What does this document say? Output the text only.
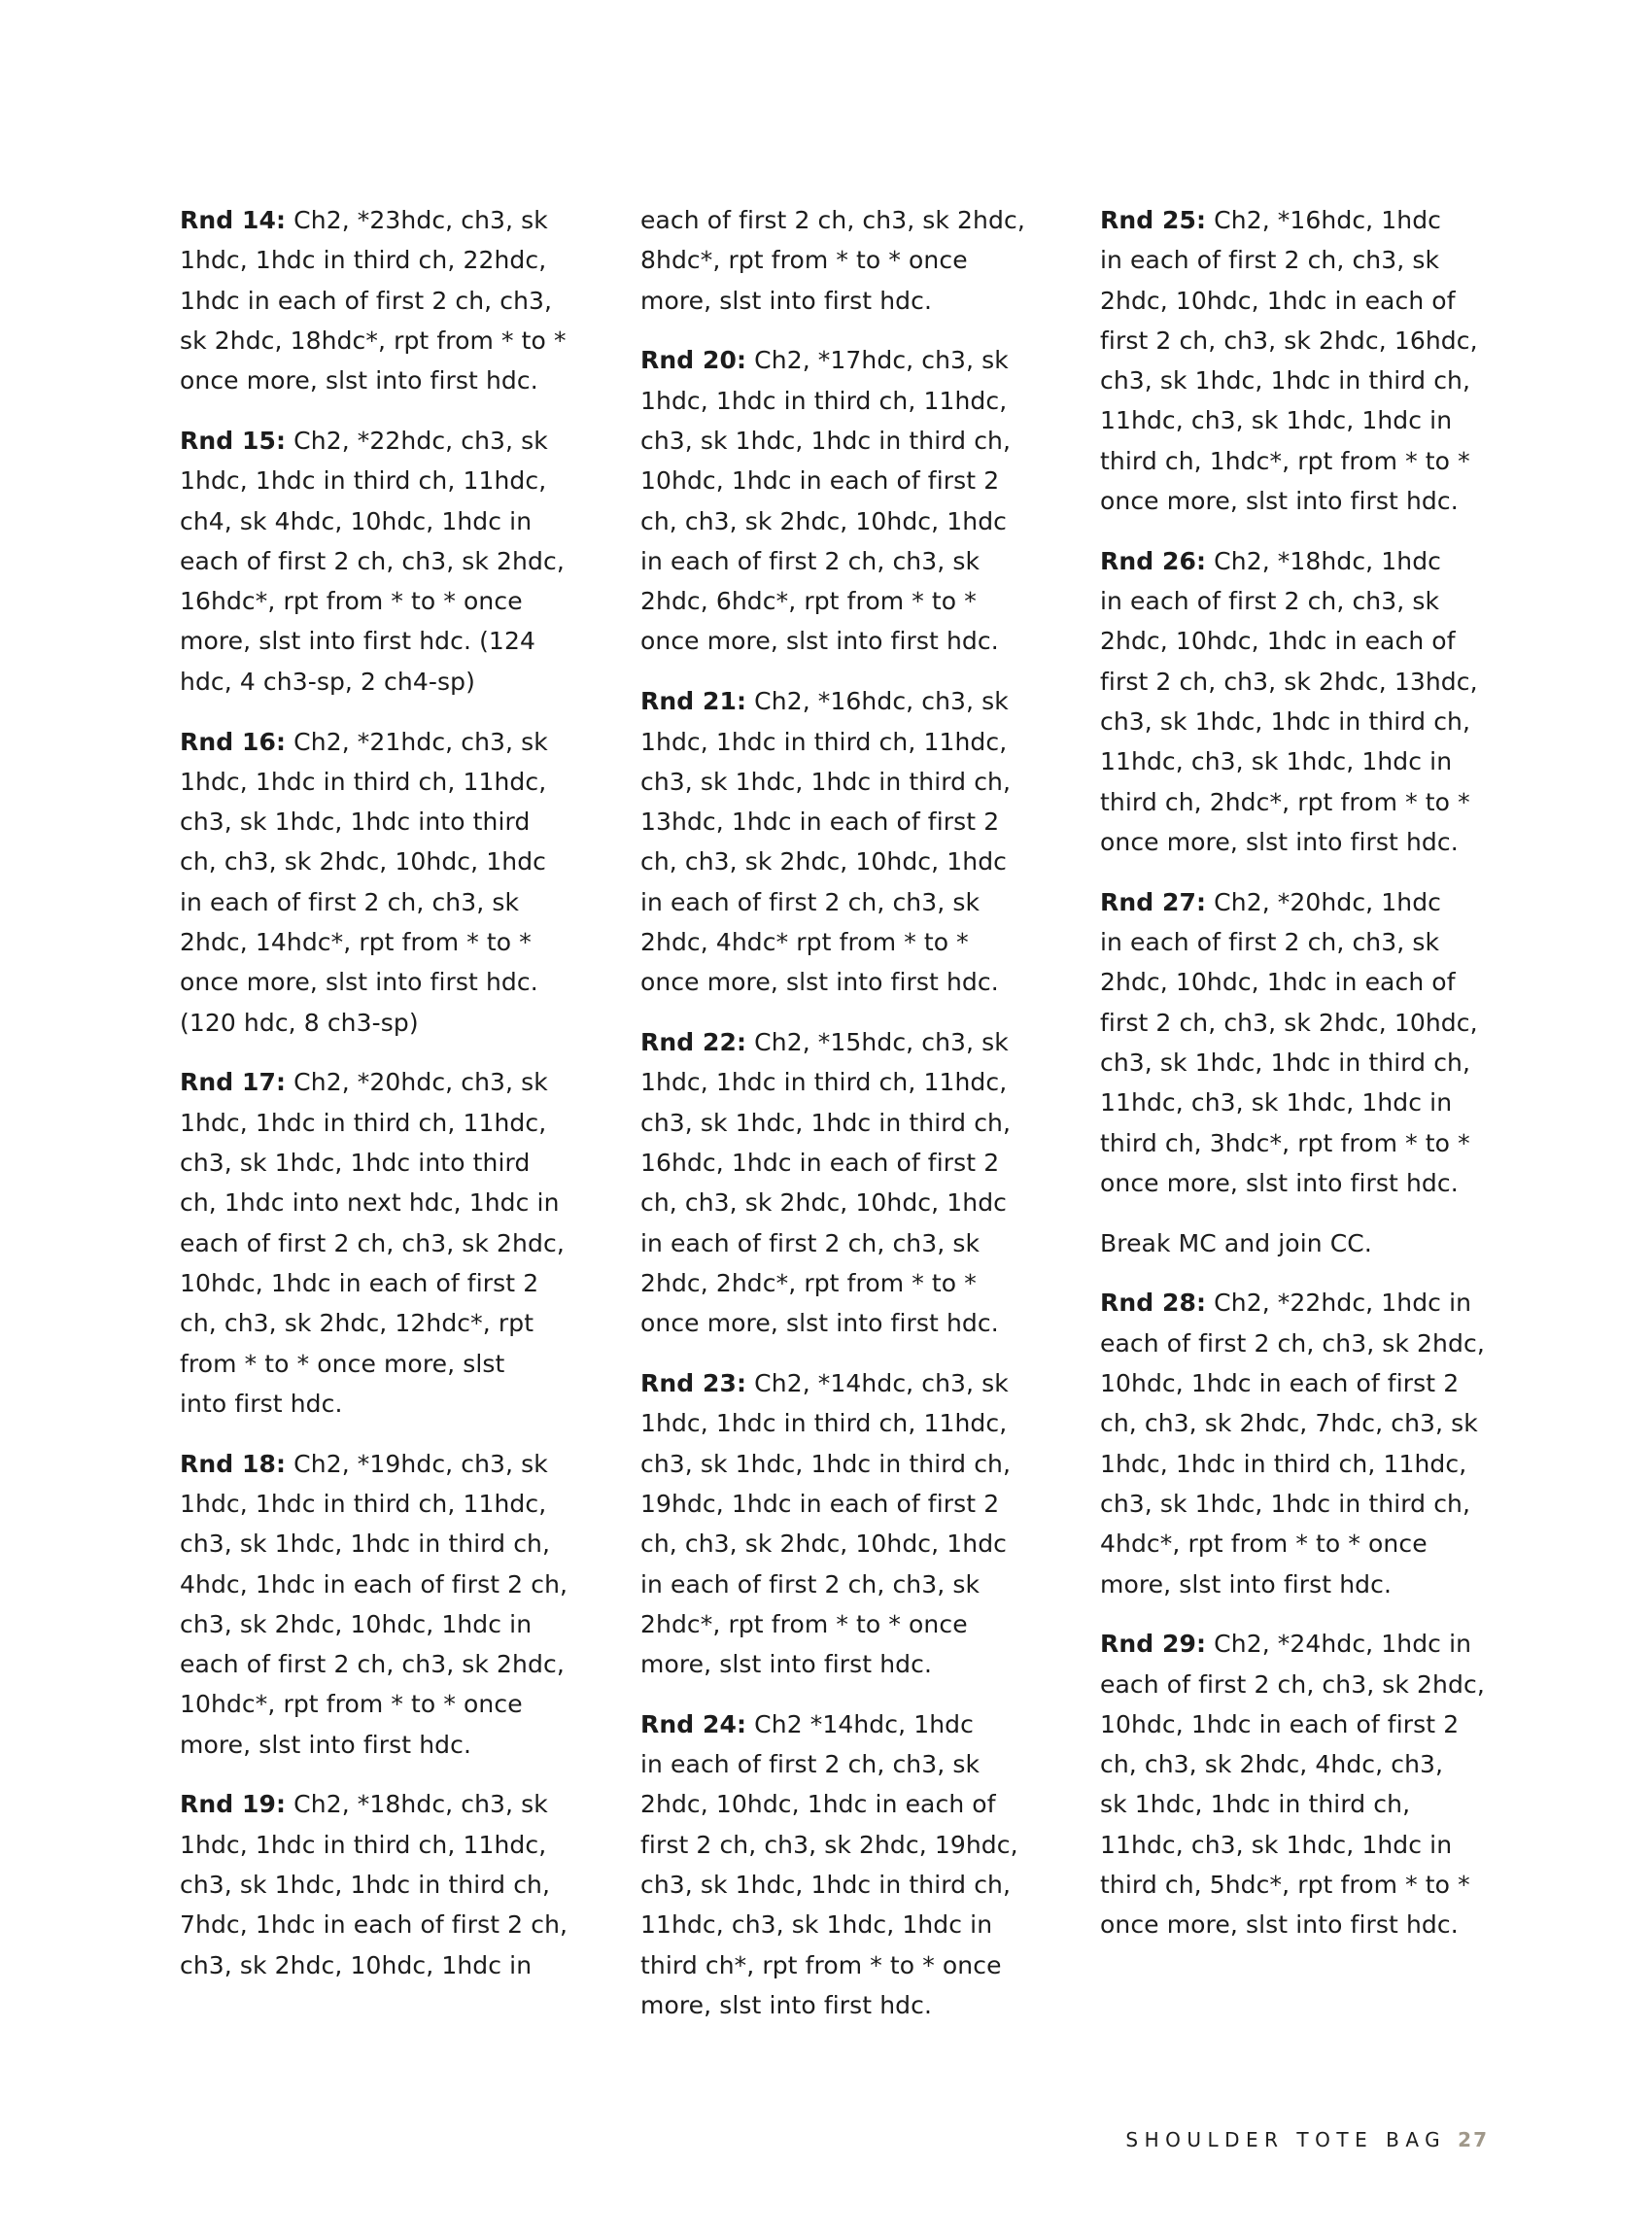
Rnd 14: Ch2, *23hdc, ch3, sk
1hdc, 1hdc in third ch, 22hdc,
1hdc in each of first 2 ch, ch3,
sk 2hdc, 18hdc*, rpt from * to *
once more, slst into first hdc.

Rnd 15: Ch2, *22hdc, ch3, sk
1hdc, 1hdc in third ch, 11hdc,
ch4, sk 4hdc, 10hdc, 1hdc in
each of first 2 ch, ch3, sk 2hdc,
16hdc*, rpt from * to * once
more, slst into first hdc. (124
hdc, 4 ch3-sp, 2 ch4-sp)

Rnd 16: Ch2, *21hdc, ch3, sk
1hdc, 1hdc in third ch, 11hdc,
ch3, sk 1hdc, 1hdc into third
ch, ch3, sk 2hdc, 10hdc, 1hdc
in each of first 2 ch, ch3, sk
2hdc, 14hdc*, rpt from * to *
once more, slst into first hdc.
(120 hdc, 8 ch3-sp)

Rnd 17: Ch2, *20hdc, ch3, sk
1hdc, 1hdc in third ch, 11hdc,
ch3, sk 1hdc, 1hdc into third
ch, 1hdc into next hdc, 1hdc in
each of first 2 ch, ch3, sk 2hdc,
10hdc, 1hdc in each of first 2
ch, ch3, sk 2hdc, 12hdc*, rpt
from * to * once more, slst
into first hdc.

Rnd 18: Ch2, *19hdc, ch3, sk
1hdc, 1hdc in third ch, 11hdc,
ch3, sk 1hdc, 1hdc in third ch,
4hdc, 1hdc in each of first 2 ch,
ch3, sk 2hdc, 10hdc, 1hdc in
each of first 2 ch, ch3, sk 2hdc,
10hdc*, rpt from * to * once
more, slst into first hdc.

Rnd 19: Ch2, *18hdc, ch3, sk
1hdc, 1hdc in third ch, 11hdc,
ch3, sk 1hdc, 1hdc in third ch,
7hdc, 1hdc in each of first 2 ch,
ch3, sk 2hdc, 10hdc, 1hdc in

each of first 2 ch, ch3, sk 2hdc,
8hdc*, rpt from * to * once
more, slst into first hdc.

Rnd 20: Ch2, *17hdc, ch3, sk
1hdc, 1hdc in third ch, 11hdc,
ch3, sk 1hdc, 1hdc in third ch,
10hdc, 1hdc in each of first 2
ch, ch3, sk 2hdc, 10hdc, 1hdc
in each of first 2 ch, ch3, sk
2hdc, 6hdc*, rpt from * to *
once more, slst into first hdc.

Rnd 21: Ch2, *16hdc, ch3, sk
1hdc, 1hdc in third ch, 11hdc,
ch3, sk 1hdc, 1hdc in third ch,
13hdc, 1hdc in each of first 2
ch, ch3, sk 2hdc, 10hdc, 1hdc
in each of first 2 ch, ch3, sk
2hdc, 4hdc* rpt from * to *
once more, slst into first hdc.

Rnd 22: Ch2, *15hdc, ch3, sk
1hdc, 1hdc in third ch, 11hdc,
ch3, sk 1hdc, 1hdc in third ch,
16hdc, 1hdc in each of first 2
ch, ch3, sk 2hdc, 10hdc, 1hdc
in each of first 2 ch, ch3, sk
2hdc, 2hdc*, rpt from * to *
once more, slst into first hdc.

Rnd 23: Ch2, *14hdc, ch3, sk
1hdc, 1hdc in third ch, 11hdc,
ch3, sk 1hdc, 1hdc in third ch,
19hdc, 1hdc in each of first 2
ch, ch3, sk 2hdc, 10hdc, 1hdc
in each of first 2 ch, ch3, sk
2hdc*, rpt from * to * once
more, slst into first hdc.

Rnd 24: Ch2 *14hdc, 1hdc
in each of first 2 ch, ch3, sk
2hdc, 10hdc, 1hdc in each of
first 2 ch, ch3, sk 2hdc, 19hdc,
ch3, sk 1hdc, 1hdc in third ch,
11hdc, ch3, sk 1hdc, 1hdc in
third ch*, rpt from * to * once
more, slst into first hdc.

Rnd 25: Ch2, *16hdc, 1hdc
in each of first 2 ch, ch3, sk
2hdc, 10hdc, 1hdc in each of
first 2 ch, ch3, sk 2hdc, 16hdc,
ch3, sk 1hdc, 1hdc in third ch,
11hdc, ch3, sk 1hdc, 1hdc in
third ch, 1hdc*, rpt from * to *
once more, slst into first hdc.

Rnd 26: Ch2, *18hdc, 1hdc
in each of first 2 ch, ch3, sk
2hdc, 10hdc, 1hdc in each of
first 2 ch, ch3, sk 2hdc, 13hdc,
ch3, sk 1hdc, 1hdc in third ch,
11hdc, ch3, sk 1hdc, 1hdc in
third ch, 2hdc*, rpt from * to *
once more, slst into first hdc.

Rnd 27: Ch2, *20hdc, 1hdc
in each of first 2 ch, ch3, sk
2hdc, 10hdc, 1hdc in each of
first 2 ch, ch3, sk 2hdc, 10hdc,
ch3, sk 1hdc, 1hdc in third ch,
11hdc, ch3, sk 1hdc, 1hdc in
third ch, 3hdc*, rpt from * to *
once more, slst into first hdc.

Break MC and join CC.

Rnd 28: Ch2, *22hdc, 1hdc in
each of first 2 ch, ch3, sk 2hdc,
10hdc, 1hdc in each of first 2
ch, ch3, sk 2hdc, 7hdc, ch3, sk
1hdc, 1hdc in third ch, 11hdc,
ch3, sk 1hdc, 1hdc in third ch,
4hdc*, rpt from * to * once
more, slst into first hdc.

Rnd 29: Ch2, *24hdc, 1hdc in
each of first 2 ch, ch3, sk 2hdc,
10hdc, 1hdc in each of first 2
ch, ch3, sk 2hdc, 4hdc, ch3,
sk 1hdc, 1hdc in third ch,
11hdc, ch3, sk 1hdc, 1hdc in
third ch, 5hdc*, rpt from * to *
once more, slst into first hdc.

SHOULDER TOTE BAG 27
